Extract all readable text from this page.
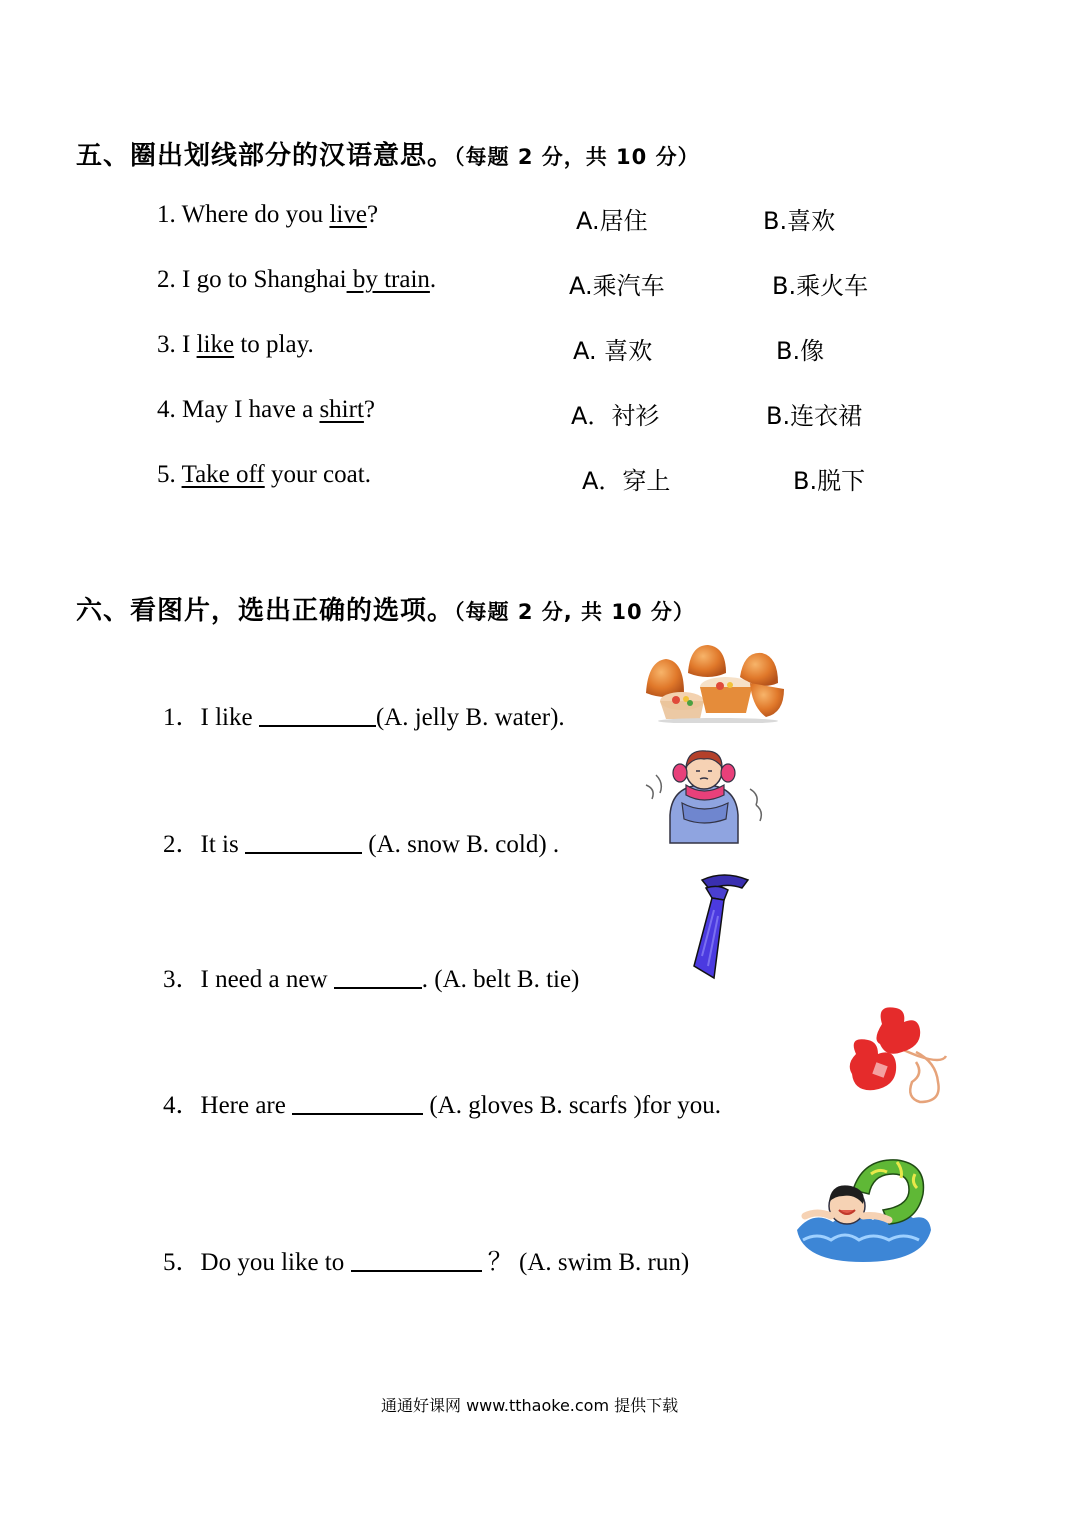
五、圈出划线部分的汉语意思。（每题 2 分，共 10 分）
1. Where do you live?	A.居住	B.喜欢
2. I go to Shanghai by train.	A.乘汽车	B.乘火车
3. I like to play.	A. 喜欢	B.像
4. May I have a shirt?	A．衬衫	B.连衣裙
5. Take off your coat.	A．穿上	B.脱下
六、看图片，选出正确的选项。（每题 2 分, 共 10 分）
1．I like	(A. jelly B. water).
2．It is	(A. snow B. cold) .
3．I need a new	. (A. belt B. tie)
4．Here are	(A. gloves B. scarfs )for you.
5．Do you like to	？ (A. swim B. run)
通通好课网 www.tthaoke.com 提供下载
